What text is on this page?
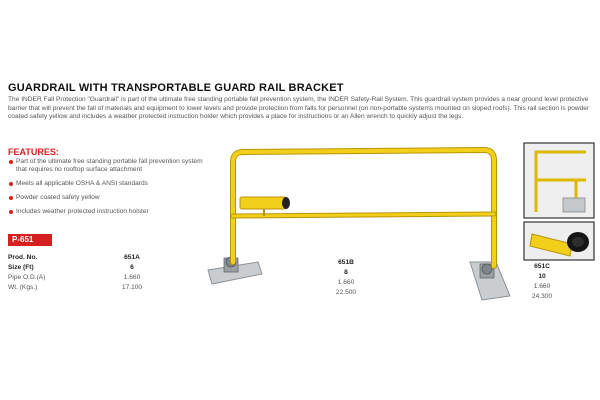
GUARDRAIL WITH TRANSPORTABLE GUARD RAIL BRACKET
The INDER Fall Protection "Guardrail" is part of the ultimate free standing portable fall prevention system, the INDER Safety-Rail System. This guardrail system provides a near ground level protective barrier that will prevent the fall of materials and equipment to lower levels and provide protection from falls for personnel (on non-portable systems mounted on sloped roofs). This rail section is powder coated safety yellow and includes a weather protected instruction holder which provides a place for instructions or an Allen wrench to quickly adjust the legs.
FEATURES:
Part of the ultimate free standing portable fall prevention system that requires no rooftop surface attachment
Meets all applicable OSHA & ANSI standards
Powder coated safety yellow
Includes weather protected instruction holster
P-651
Prod. No.
Size (Ft)
Pipe O.D.(A)
Wt. (Kgs.)
651A
6
1.660
17.100
651B
8
1.660
22.500
651C
10
1.660
24.300
